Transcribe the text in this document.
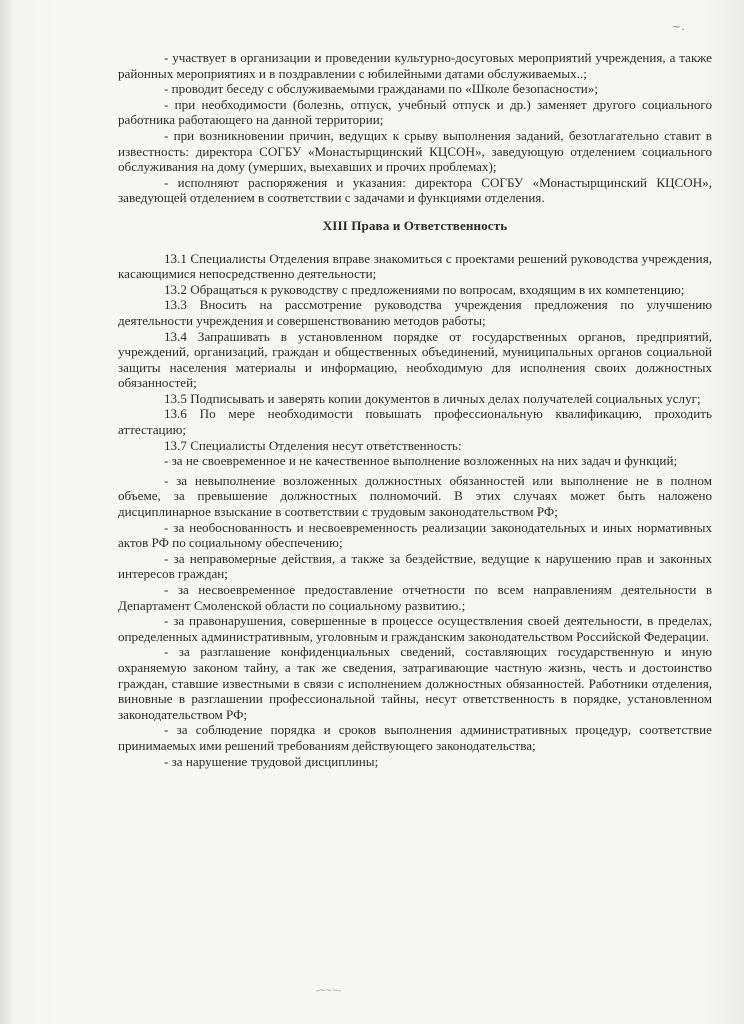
~.

- участвует в организации и проведении культурно-досуговых мероприятий учреждения, а также районных мероприятиях и в поздравлении с юбилейными датами обслуживаемых..;

- проводит беседу с обслуживаемыми гражданами по «Школе безопасности»;

- при необходимости (болезнь, отпуск, учебный отпуск и др.) заменяет другого социального работника работающего на данной территории;

- при возникновении причин, ведущих к срыву выполнения заданий, безотлагательно ставит в известность: директора СОГБУ «Монастырщинский КЦСОН», заведующую отделением социального обслуживания на дому (умерших, выехавших и прочих проблемах);

- исполняют распоряжения и указания: директора СОГБУ «Монастырщинский КЦСОН», заведующей отделением в соответствии с задачами и функциями отделения.

XIII Права и Ответственность

13.1 Специалисты Отделения вправе знакомиться с проектами решений руководства учреждения, касающимися непосредственно деятельности;

13.2 Обращаться к руководству с предложениями по вопросам, входящим в их компетенцию;

13.3 Вносить на рассмотрение руководства учреждения предложения по улучшению деятельности учреждения и совершенствованию методов работы;

13.4 Запрашивать в установленном порядке от государственных органов, предприятий, учреждений, организаций, граждан и общественных объединений, муниципальных органов социальной защиты населения материалы и информацию, необходимую для исполнения своих должностных обязанностей;

13.5 Подписывать и заверять копии документов в личных делах получателей социальных услуг;

13.6 По мере необходимости повышать профессиональную квалификацию, проходить аттестацию;

13.7 Специалисты Отделения несут ответственность:

- за не своевременное и не качественное выполнение возложенных на них задач и функций;

- за невыполнение возложенных должностных обязанностей или выполнение не в полном объеме, за превышение должностных полномочий. В этих случаях может быть наложено дисциплинарное взыскание в соответствии с трудовым законодательством РФ;

- за необоснованность и несвоевременность реализации законодательных и иных нормативных актов РФ по социальному обеспечению;

- за неправомерные действия, а также за бездействие, ведущие к нарушению прав и законных интересов граждан;

- за несвоевременное предоставление отчетности по всем направлениям деятельности в Департамент Смоленской области по социальному развитию.;

- за правонарушения, совершенные в процессе осуществления своей деятельности, в пределах, определенных административным, уголовным и гражданским законодательством Российской Федерации.

- за разглашение конфиденциальных сведений, составляющих государственную и иную охраняемую законом тайну, а так же сведения, затрагивающие частную жизнь, честь и достоинство граждан, ставшие известными в связи с исполнением должностных обязанностей. Работники отделения, виновные в разглашении профессиональной тайны, несут ответственность в порядке, установленном законодательством РФ;

- за соблюдение порядка и сроков выполнения административных процедур, соответствие принимаемых ими решений требованиям действующего законодательства;

- за нарушение трудовой дисциплины;

-~~~-
